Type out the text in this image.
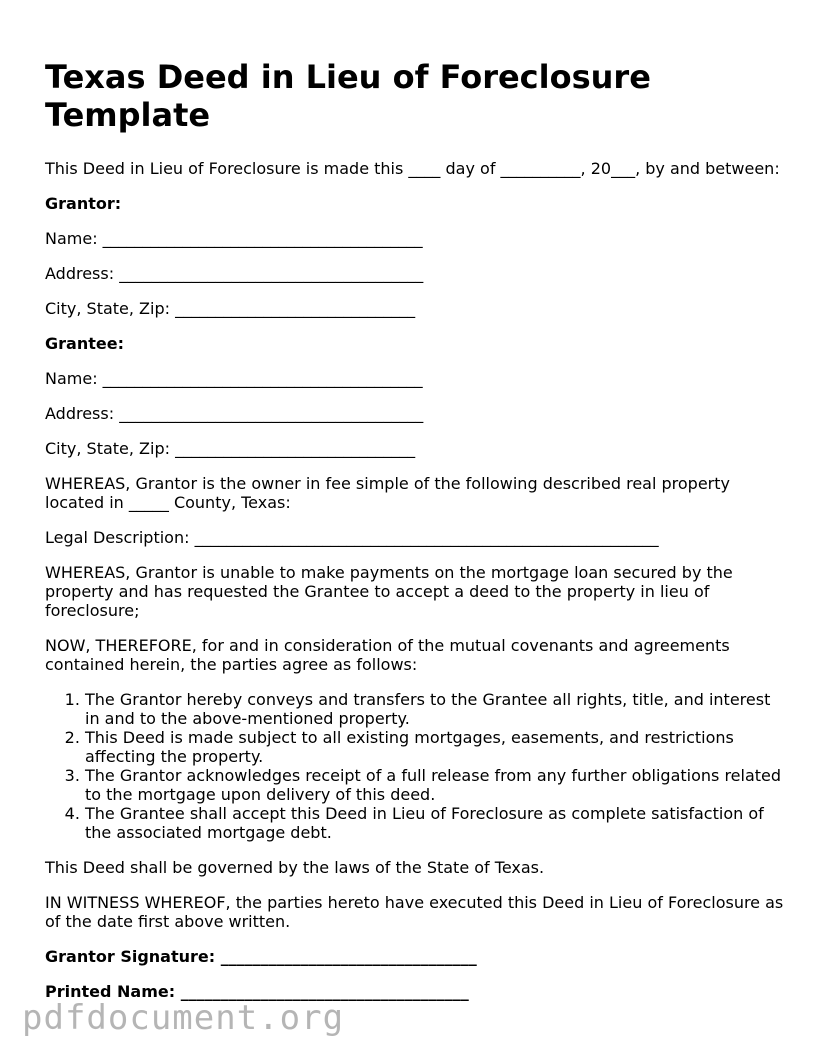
Texas Deed in Lieu of Foreclosure Template

This Deed in Lieu of Foreclosure is made this ____ day of __________, 20___, by and between:

Grantor:

Name: ________________________________________

Address: ______________________________________

City, State, Zip: ______________________________

Grantee:

Name: ________________________________________

Address: ______________________________________

City, State, Zip: ______________________________

WHEREAS, Grantor is the owner in fee simple of the following described real property located in _____ County, Texas:

Legal Description: __________________________________________________________

WHEREAS, Grantor is unable to make payments on the mortgage loan secured by the property and has requested the Grantee to accept a deed to the property in lieu of foreclosure;

NOW, THEREFORE, for and in consideration of the mutual covenants and agreements contained herein, the parties agree as follows:

1. The Grantor hereby conveys and transfers to the Grantee all rights, title, and interest in and to the above-mentioned property.
2. This Deed is made subject to all existing mortgages, easements, and restrictions affecting the property.
3. The Grantor acknowledges receipt of a full release from any further obligations related to the mortgage upon delivery of this deed.
4. The Grantee shall accept this Deed in Lieu of Foreclosure as complete satisfaction of the associated mortgage debt.

This Deed shall be governed by the laws of the State of Texas.

IN WITNESS WHEREOF, the parties hereto have executed this Deed in Lieu of Foreclosure as of the date first above written.

Grantor Signature: ________________________________

Printed Name: ____________________________________

pdfdocument.org
